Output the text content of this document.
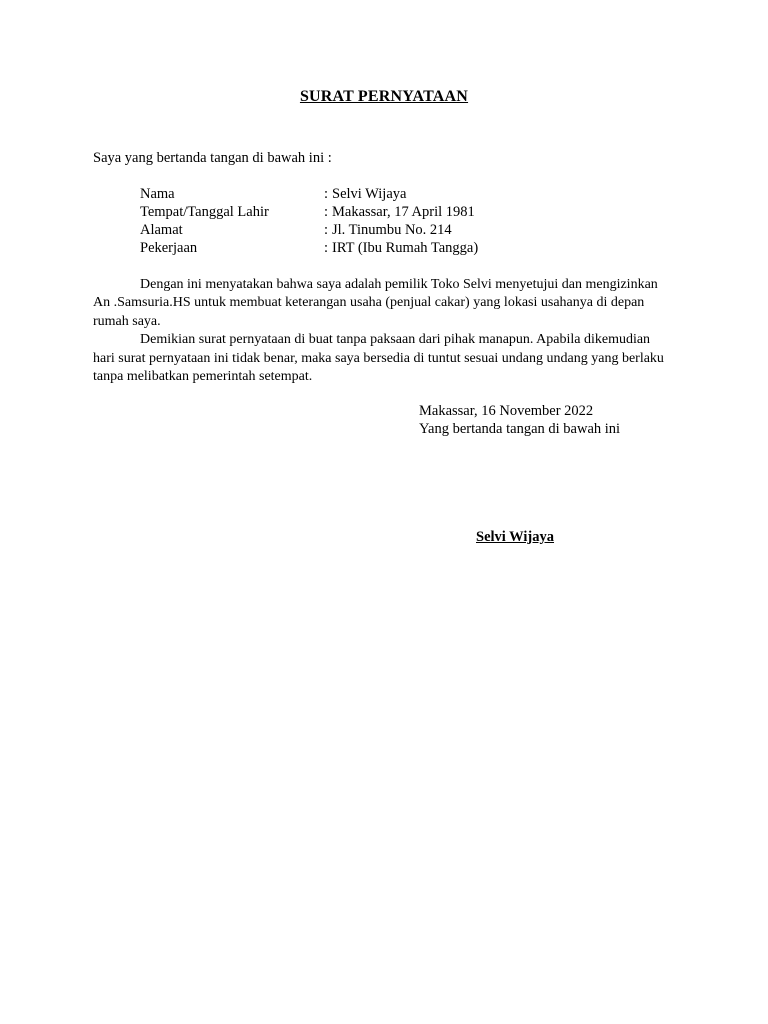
SURAT PERNYATAAN
Saya yang bertanda tangan di bawah ini :
Nama	: Selvi Wijaya
Tempat/Tanggal Lahir	: Makassar, 17 April 1981
Alamat	: Jl. Tinumbu No. 214
Pekerjaan	: IRT (Ibu Rumah Tangga)

Dengan ini menyatakan bahwa saya adalah pemilik Toko Selvi menyetujui dan mengizinkan An .Samsuria.HS untuk membuat keterangan usaha (penjual cakar) yang lokasi usahanya di depan rumah saya.

Demikian surat pernyataan di buat tanpa paksaan dari pihak manapun. Apabila dikemudian hari surat pernyataan ini tidak benar, maka saya bersedia di tuntut sesuai undang undang yang berlaku tanpa melibatkan pemerintah setempat.

Makassar, 16 November 2022
Yang bertanda tangan di bawah ini
Selvi Wijaya
